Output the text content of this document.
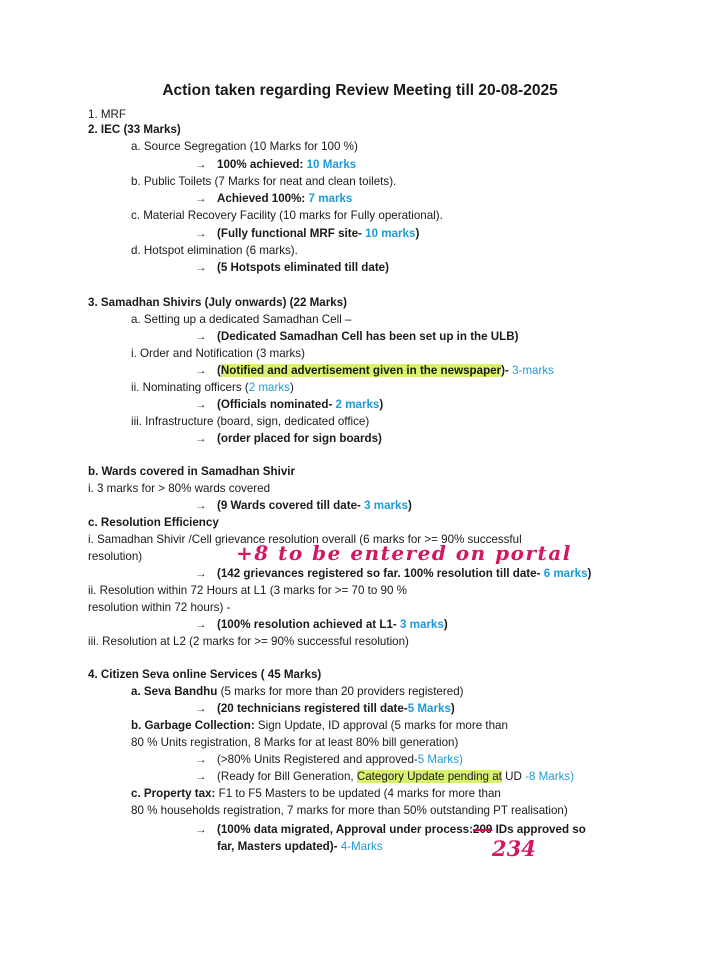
Action taken regarding Review Meeting till 20-08-2025
1. MRF
2. IEC (33 Marks)
a. Source Segregation (10 Marks for 100 %)
→ 100% achieved: 10 Marks
b. Public Toilets (7 Marks for neat and clean toilets).
→ Achieved 100%: 7 marks
c. Material Recovery Facility (10 marks for Fully operational).
→ (Fully functional MRF site- 10 marks)
d. Hotspot elimination (6 marks).
→ (5 Hotspots eliminated till date)
3. Samadhan Shivirs (July onwards) (22 Marks)
a. Setting up a dedicated Samadhan Cell –
→ (Dedicated Samadhan Cell has been set up in the ULB)
i. Order and Notification (3 marks)
→ (Notified and advertisement given in the newspaper)- 3-marks
ii. Nominating officers (2 marks)
→ (Officials nominated- 2 marks)
iii. Infrastructure (board, sign, dedicated office)
→ (order placed for sign boards)
b. Wards covered in Samadhan Shivir
i. 3 marks for > 80% wards covered
→ (9 Wards covered till date- 3 marks)
c. Resolution Efficiency
i. Samadhan Shivir /Cell grievance resolution overall (6 marks for >= 90% successful
resolution)	+8 to be entered on portal
→ (142 grievances registered so far. 100% resolution till date- 6 marks)
ii. Resolution within 72 Hours at L1 (3 marks for >= 70 to 90 %
resolution within 72 hours) -
→ (100% resolution achieved at L1- 3 marks)
iii. Resolution at L2 (2 marks for >= 90% successful resolution)
4. Citizen Seva online Services ( 45 Marks)
a. Seva Bandhu (5 marks for more than 20 providers registered)
→ (20 technicians registered till date-5 Marks)
b. Garbage Collection: Sign Update, ID approval (5 marks for more than
80 % Units registration, 8 Marks for at least 80% bill generation)
→ (>80% Units Registered and approved-5 Marks)
→ (Ready for Bill Generation, Category Update pending at UD -8 Marks)
c. Property tax: F1 to F5 Masters to be updated (4 marks for more than
80 % households registration, 7 marks for more than 50% outstanding PT realisation)
→ (100% data migrated, Approval under process:209 IDs approved so
far, Masters updated)- 4-Marks	234
